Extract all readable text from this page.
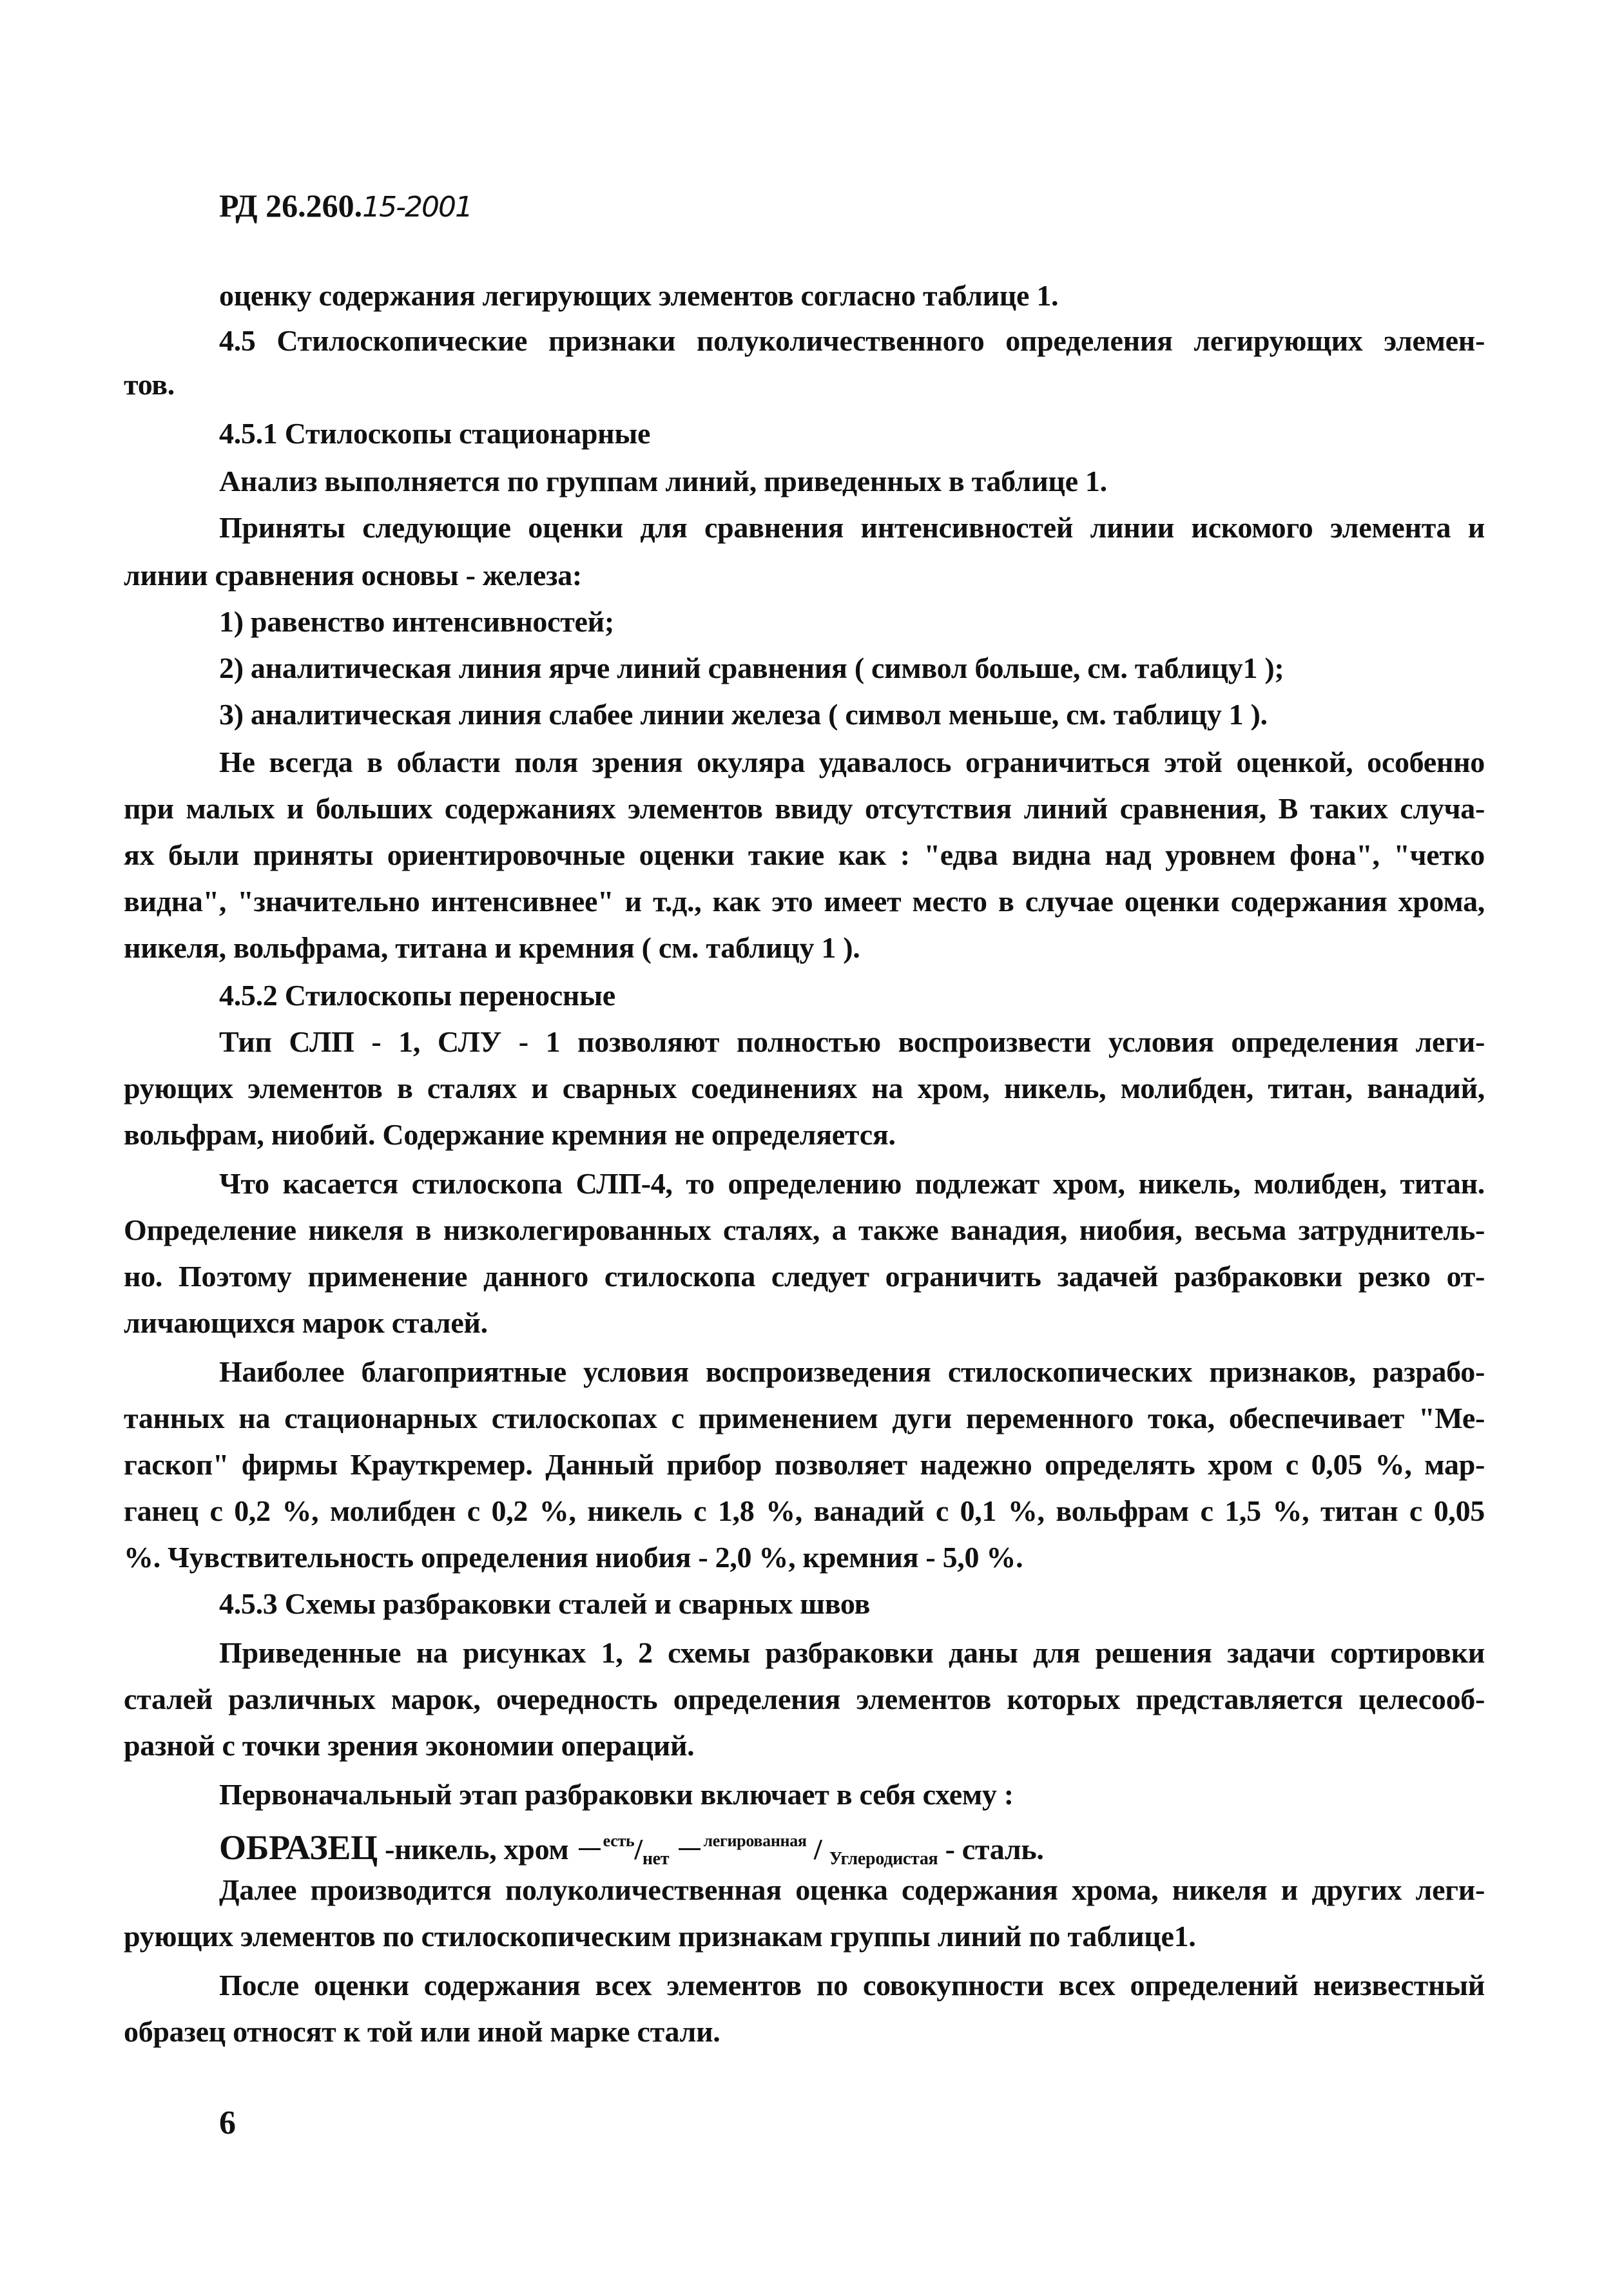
РД 26.260.15-2001
оценку содержания легирующих элементов согласно таблице 1.
4.5 Стилоскопические признаки полуколичественного определения легирующих элемен-
тов.
4.5.1 Стилоскопы стационарные
Анализ выполняется по группам линий, приведенных в таблице 1.
Приняты следующие оценки для сравнения интенсивностей линии искомого элемента и
линии сравнения основы - железа:
1) равенство интенсивностей;
2) аналитическая линия ярче линий сравнения ( символ больше, см. таблицу1 );
3) аналитическая линия слабее линии железа ( символ меньше, см. таблицу 1 ).
Не всегда в области поля зрения окуляра удавалось ограничиться этой оценкой, особенно
при малых и больших содержаниях элементов ввиду отсутствия линий сравнения, В таких случа-
ях были приняты ориентировочные оценки такие как : "едва видна над уровнем фона", "четко
видна", "значительно интенсивнее" и т.д., как это имеет место в случае оценки содержания хрома,
никеля, вольфрама, титана и кремния ( см. таблицу 1 ).
4.5.2 Стилоскопы переносные
Тип СЛП - 1, СЛУ - 1 позволяют полностью воспроизвести условия определения леги-
рующих элементов в сталях и сварных соединениях на хром, никель, молибден, титан, ванадий,
вольфрам, ниобий. Содержание кремния не определяется.
Что касается стилоскопа СЛП-4, то определению подлежат хром, никель, молибден, титан.
Определение никеля в низколегированных сталях, а также ванадия, ниобия, весьма затруднитель-
но. Поэтому применение данного стилоскопа следует ограничить задачей разбраковки резко от-
личающихся марок сталей.
Наиболее благоприятные условия воспроизведения стилоскопических признаков, разрабо-
танных на стационарных стилоскопах с применением дуги переменного тока, обеспечивает "Ме-
гаскоп" фирмы Крауткремер. Данный прибор позволяет надежно определять хром с 0,05 %, мар-
ганец с 0,2 %, молибден с 0,2 %, никель с 1,8 %, ванадий с 0,1 %, вольфрам с 1,5 %, титан с 0,05
%. Чувствительность определения ниобия - 2,0 %, кремния - 5,0 %.
4.5.3 Схемы разбраковки сталей и сварных швов
Приведенные на рисунках 1, 2 схемы разбраковки даны для решения задачи сортировки
сталей различных марок, очередность определения элементов которых представляется целесооб-
разной с точки зрения экономии операций.
Первоначальный этап разбраковки включает в себя схему :
ОБРАЗЕЦ -никель, хром $^{есть}/_{нет}$ $^{легированная}$ / $_{Углеродистая}$ - сталь.
Далее производится полуколичественная оценка содержания хрома, никеля и других леги-
рующих элементов по стилоскопическим признакам группы линий по таблице1.
После оценки содержания всех элементов по совокупности всех определений неизвестный
образец относят к той или иной марке стали.
6
